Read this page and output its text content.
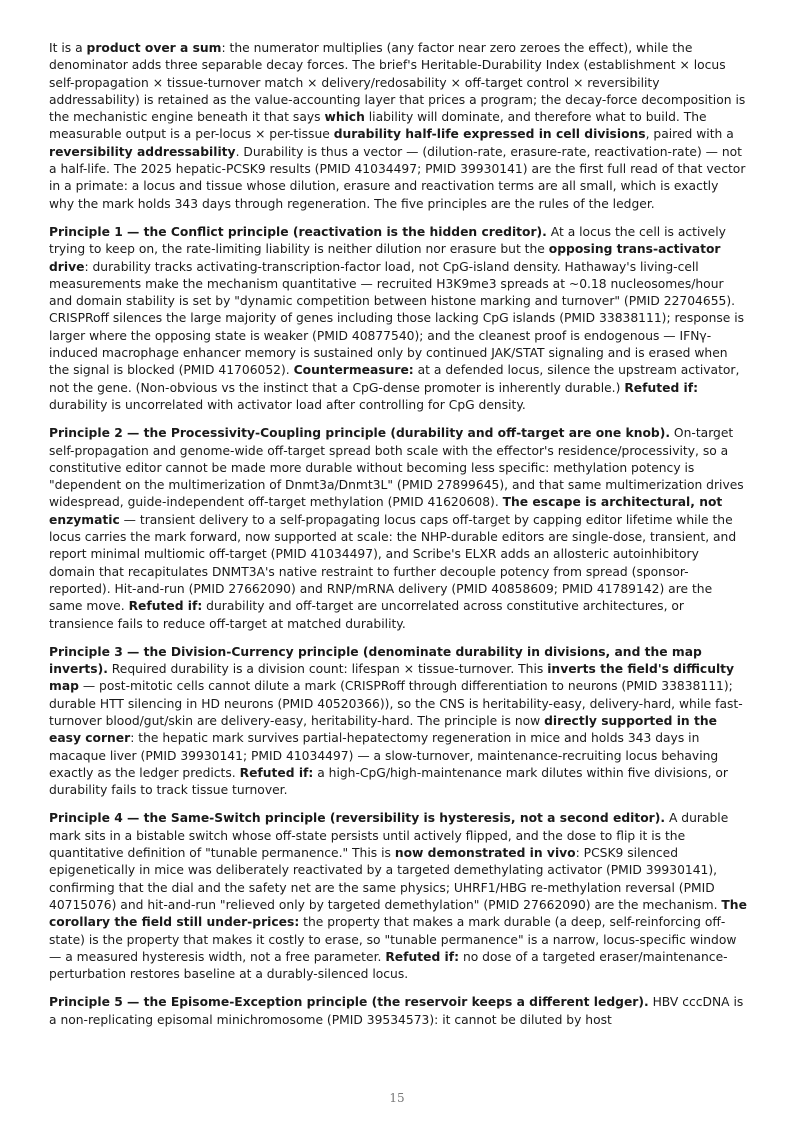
It is a product over a sum: the numerator multiplies (any factor near zero zeroes the effect), while the denominator adds three separable decay forces. The brief's Heritable-Durability Index (establishment × locus self-propagation × tissue-turnover match × delivery/redosability × off-target control × reversibility addressability) is retained as the value-accounting layer that prices a program; the decay-force decomposition is the mechanistic engine beneath it that says which liability will dominate, and therefore what to build. The measurable output is a per-locus × per-tissue durability half-life expressed in cell divisions, paired with a reversibility addressability. Durability is thus a vector — (dilution-rate, erasure-rate, reactivation-rate) — not a half-life. The 2025 hepatic-PCSK9 results (PMID 41034497; PMID 39930141) are the first full read of that vector in a primate: a locus and tissue whose dilution, erasure and reactivation terms are all small, which is exactly why the mark holds 343 days through regeneration. The five principles are the rules of the ledger.

Principle 1 — the Conflict principle (reactivation is the hidden creditor). At a locus the cell is actively trying to keep on, the rate-limiting liability is neither dilution nor erasure but the opposing trans-activator drive: durability tracks activating-transcription-factor load, not CpG-island density. Hathaway's living-cell measurements make the mechanism quantitative — recruited H3K9me3 spreads at ~0.18 nucleosomes/hour and domain stability is set by "dynamic competition between histone marking and turnover" (PMID 22704655). CRISPRoff silences the large majority of genes including those lacking CpG islands (PMID 33838111); response is larger where the opposing state is weaker (PMID 40877540); and the cleanest proof is endogenous — IFNγ-induced macrophage enhancer memory is sustained only by continued JAK/STAT signaling and is erased when the signal is blocked (PMID 41706052). Countermeasure: at a defended locus, silence the upstream activator, not the gene. (Non-obvious vs the instinct that a CpG-dense promoter is inherently durable.) Refuted if: durability is uncorrelated with activator load after controlling for CpG density.

Principle 2 — the Processivity-Coupling principle (durability and off-target are one knob). On-target self-propagation and genome-wide off-target spread both scale with the effector's residence/processivity, so a constitutive editor cannot be made more durable without becoming less specific: methylation potency is "dependent on the multimerization of Dnmt3a/Dnmt3L" (PMID 27899645), and that same multimerization drives widespread, guide-independent off-target methylation (PMID 41620608). The escape is architectural, not enzymatic — transient delivery to a self-propagating locus caps off-target by capping editor lifetime while the locus carries the mark forward, now supported at scale: the NHP-durable editors are single-dose, transient, and report minimal multiomic off-target (PMID 41034497), and Scribe's ELXR adds an allosteric autoinhibitory domain that recapitulates DNMT3A's native restraint to further decouple potency from spread (sponsor-reported). Hit-and-run (PMID 27662090) and RNP/mRNA delivery (PMID 40858609; PMID 41789142) are the same move. Refuted if: durability and off-target are uncorrelated across constitutive architectures, or transience fails to reduce off-target at matched durability.

Principle 3 — the Division-Currency principle (denominate durability in divisions, and the map inverts). Required durability is a division count: lifespan × tissue-turnover. This inverts the field's difficulty map — post-mitotic cells cannot dilute a mark (CRISPRoff through differentiation to neurons (PMID 33838111); durable HTT silencing in HD neurons (PMID 40520366)), so the CNS is heritability-easy, delivery-hard, while fast-turnover blood/gut/skin are delivery-easy, heritability-hard. The principle is now directly supported in the easy corner: the hepatic mark survives partial-hepatectomy regeneration in mice and holds 343 days in macaque liver (PMID 39930141; PMID 41034497) — a slow-turnover, maintenance-recruiting locus behaving exactly as the ledger predicts. Refuted if: a high-CpG/high-maintenance mark dilutes within five divisions, or durability fails to track tissue turnover.

Principle 4 — the Same-Switch principle (reversibility is hysteresis, not a second editor). A durable mark sits in a bistable switch whose off-state persists until actively flipped, and the dose to flip it is the quantitative definition of "tunable permanence." This is now demonstrated in vivo: PCSK9 silenced epigenetically in mice was deliberately reactivated by a targeted demethylating activator (PMID 39930141), confirming that the dial and the safety net are the same physics; UHRF1/HBG re-methylation reversal (PMID 40715076) and hit-and-run "relieved only by targeted demethylation" (PMID 27662090) are the mechanism. The corollary the field still under-prices: the property that makes a mark durable (a deep, self-reinforcing off-state) is the property that makes it costly to erase, so "tunable permanence" is a narrow, locus-specific window — a measured hysteresis width, not a free parameter. Refuted if: no dose of a targeted eraser/maintenance-perturbation restores baseline at a durably-silenced locus.

Principle 5 — the Episome-Exception principle (the reservoir keeps a different ledger). HBV cccDNA is a non-replicating episomal minichromosome (PMID 39534573): it cannot be diluted by host

15
